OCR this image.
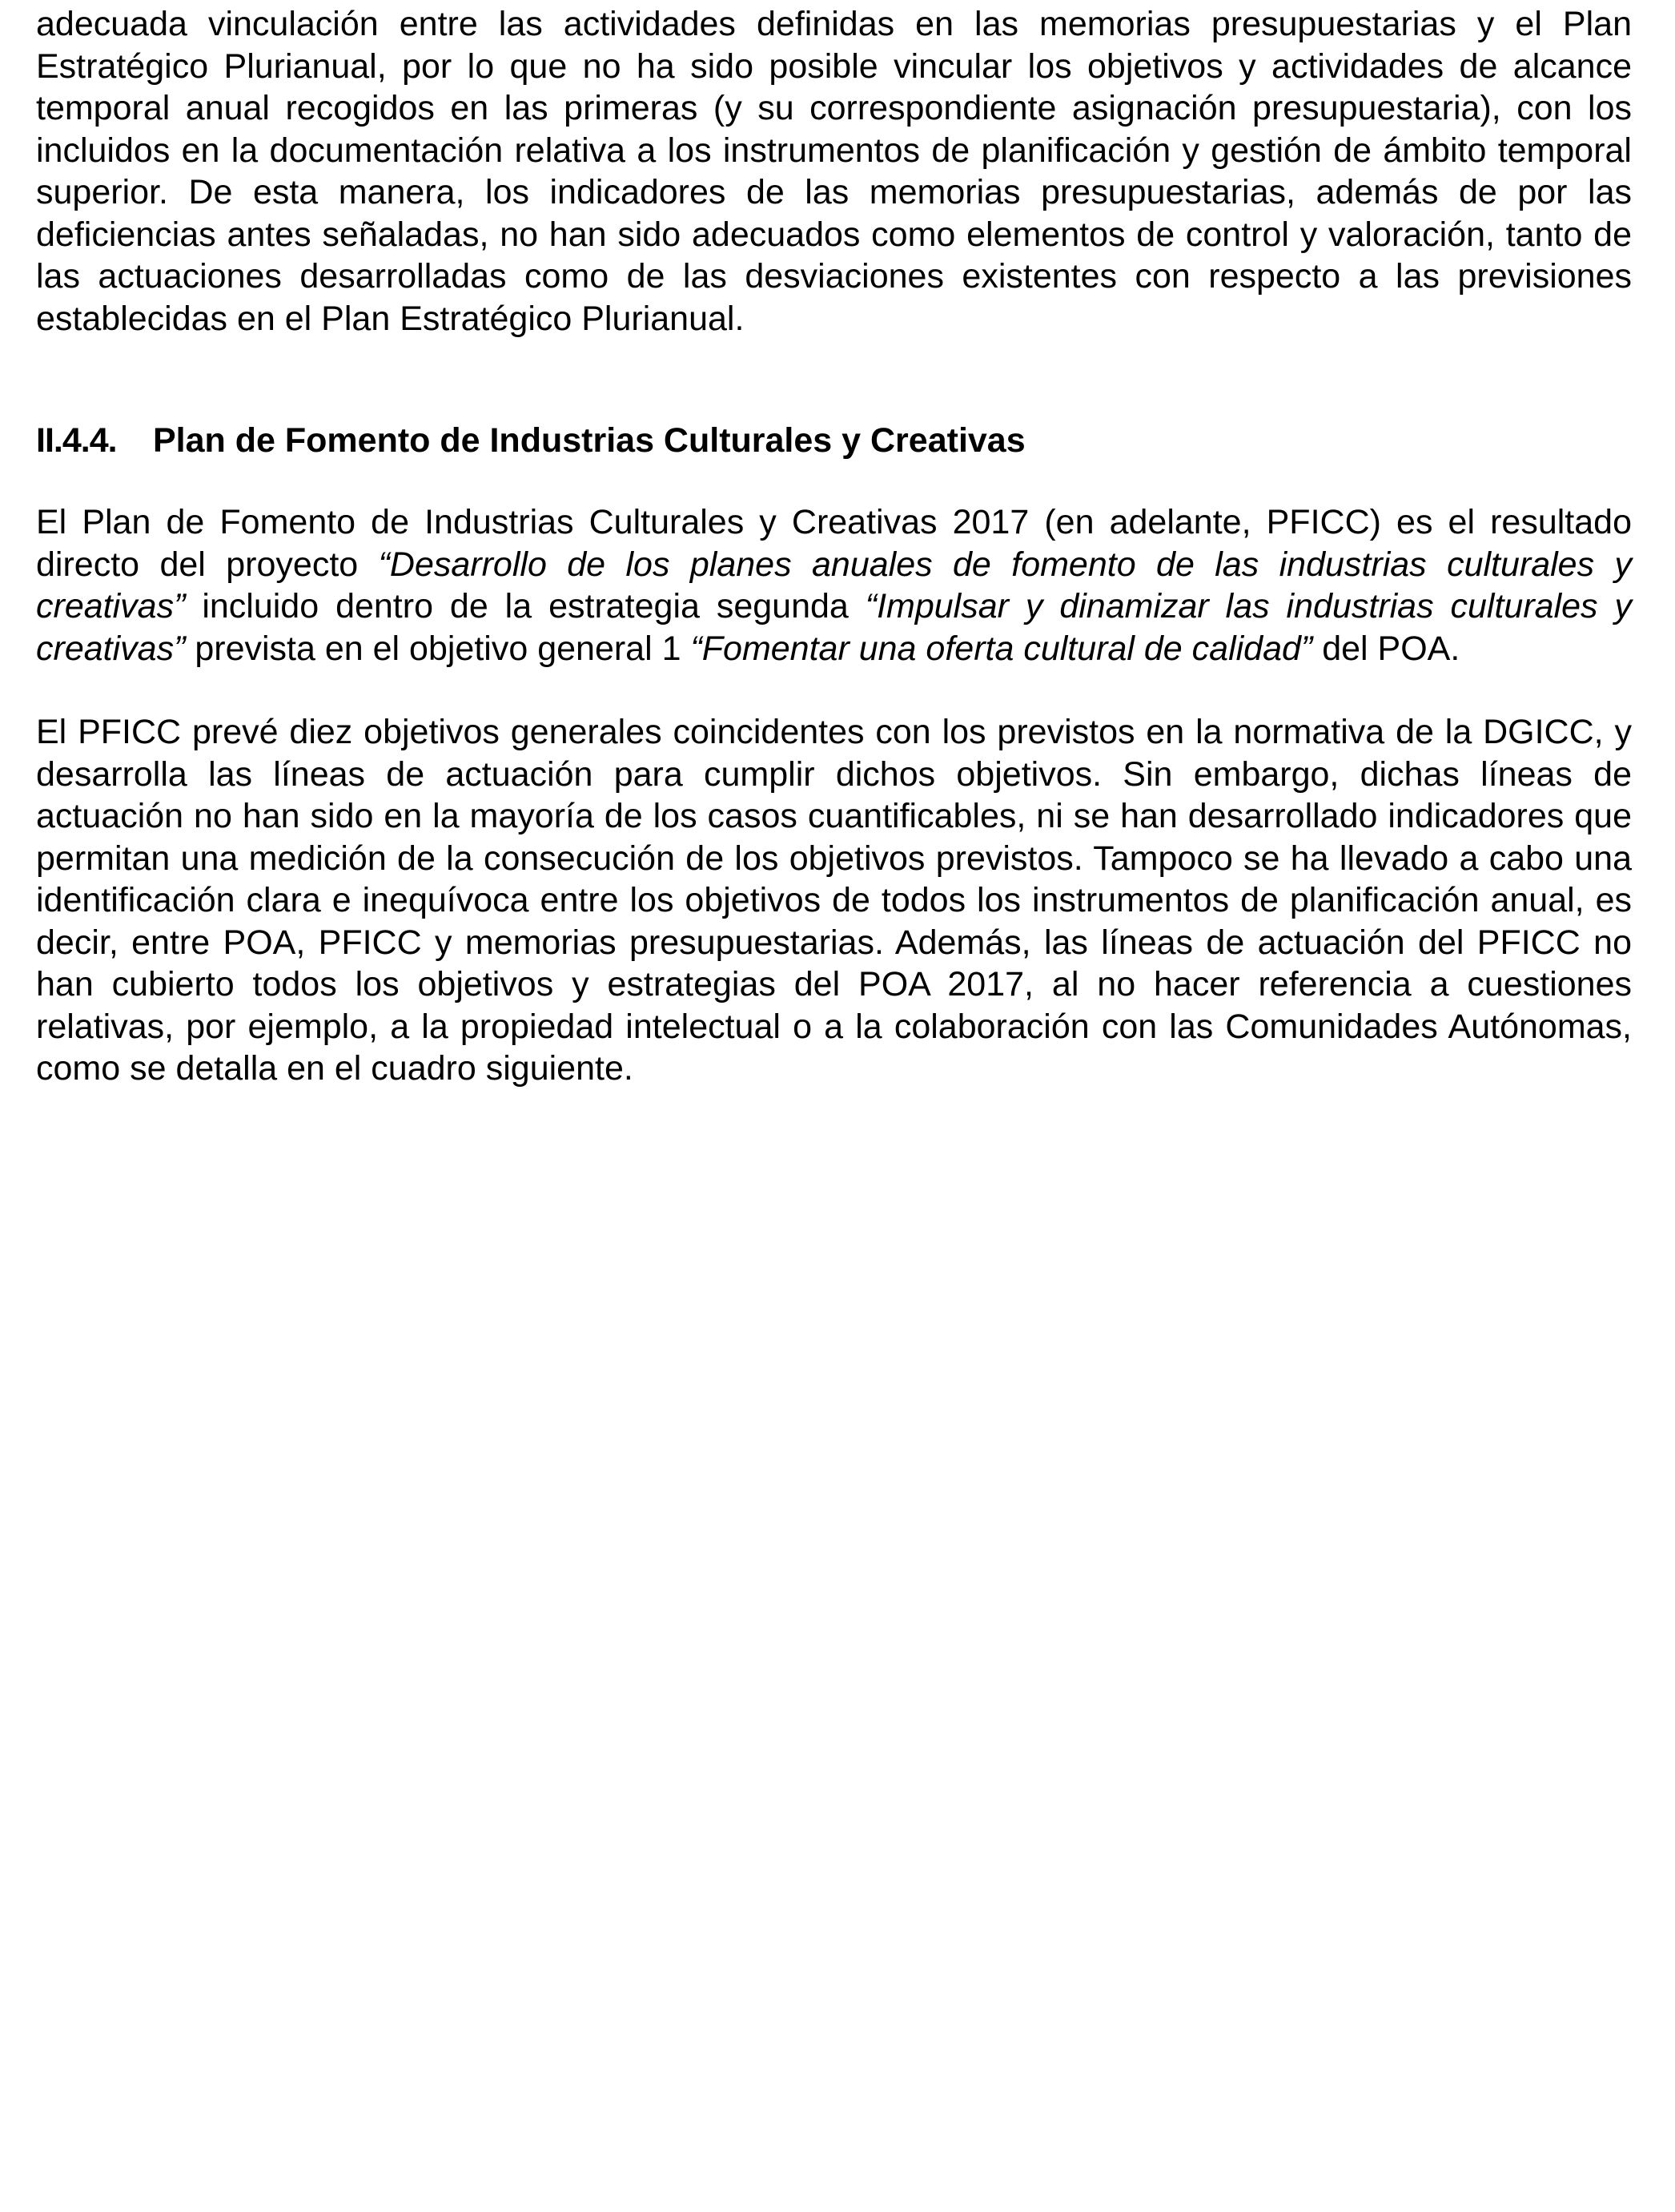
adecuada vinculación entre las actividades definidas en las memorias presupuestarias y el Plan Estratégico Plurianual, por lo que no ha sido posible vincular los objetivos y actividades de alcance temporal anual recogidos en las primeras (y su correspondiente asignación presupuestaria), con los incluidos en la documentación relativa a los instrumentos de planificación y gestión de ámbito temporal superior. De esta manera, los indicadores de las memorias presupuestarias, además de por las deficiencias antes señaladas, no han sido adecuados como elementos de control y valoración, tanto de las actuaciones desarrolladas como de las desviaciones existentes con respecto a las previsiones establecidas en el Plan Estratégico Plurianual.

II.4.4.	Plan de Fomento de Industrias Culturales y Creativas

El Plan de Fomento de Industrias Culturales y Creativas 2017 (en adelante, PFICC) es el resultado directo del proyecto “Desarrollo de los planes anuales de fomento de las industrias culturales y creativas” incluido dentro de la estrategia segunda “Impulsar y dinamizar las industrias culturales y creativas” prevista en el objetivo general 1 “Fomentar una oferta cultural de calidad” del POA.

El PFICC prevé diez objetivos generales coincidentes con los previstos en la normativa de la DGICC, y desarrolla las líneas de actuación para cumplir dichos objetivos. Sin embargo, dichas líneas de actuación no han sido en la mayoría de los casos cuantificables, ni se han desarrollado indicadores que permitan una medición de la consecución de los objetivos previstos. Tampoco se ha llevado a cabo una identificación clara e inequívoca entre los objetivos de todos los instrumentos de planificación anual, es decir, entre POA, PFICC y memorias presupuestarias. Además, las líneas de actuación del PFICC no han cubierto todos los objetivos y estrategias del POA 2017, al no hacer referencia a cuestiones relativas, por ejemplo, a la propiedad intelectual o a la colaboración con las Comunidades Autónomas, como se detalla en el cuadro siguiente.
